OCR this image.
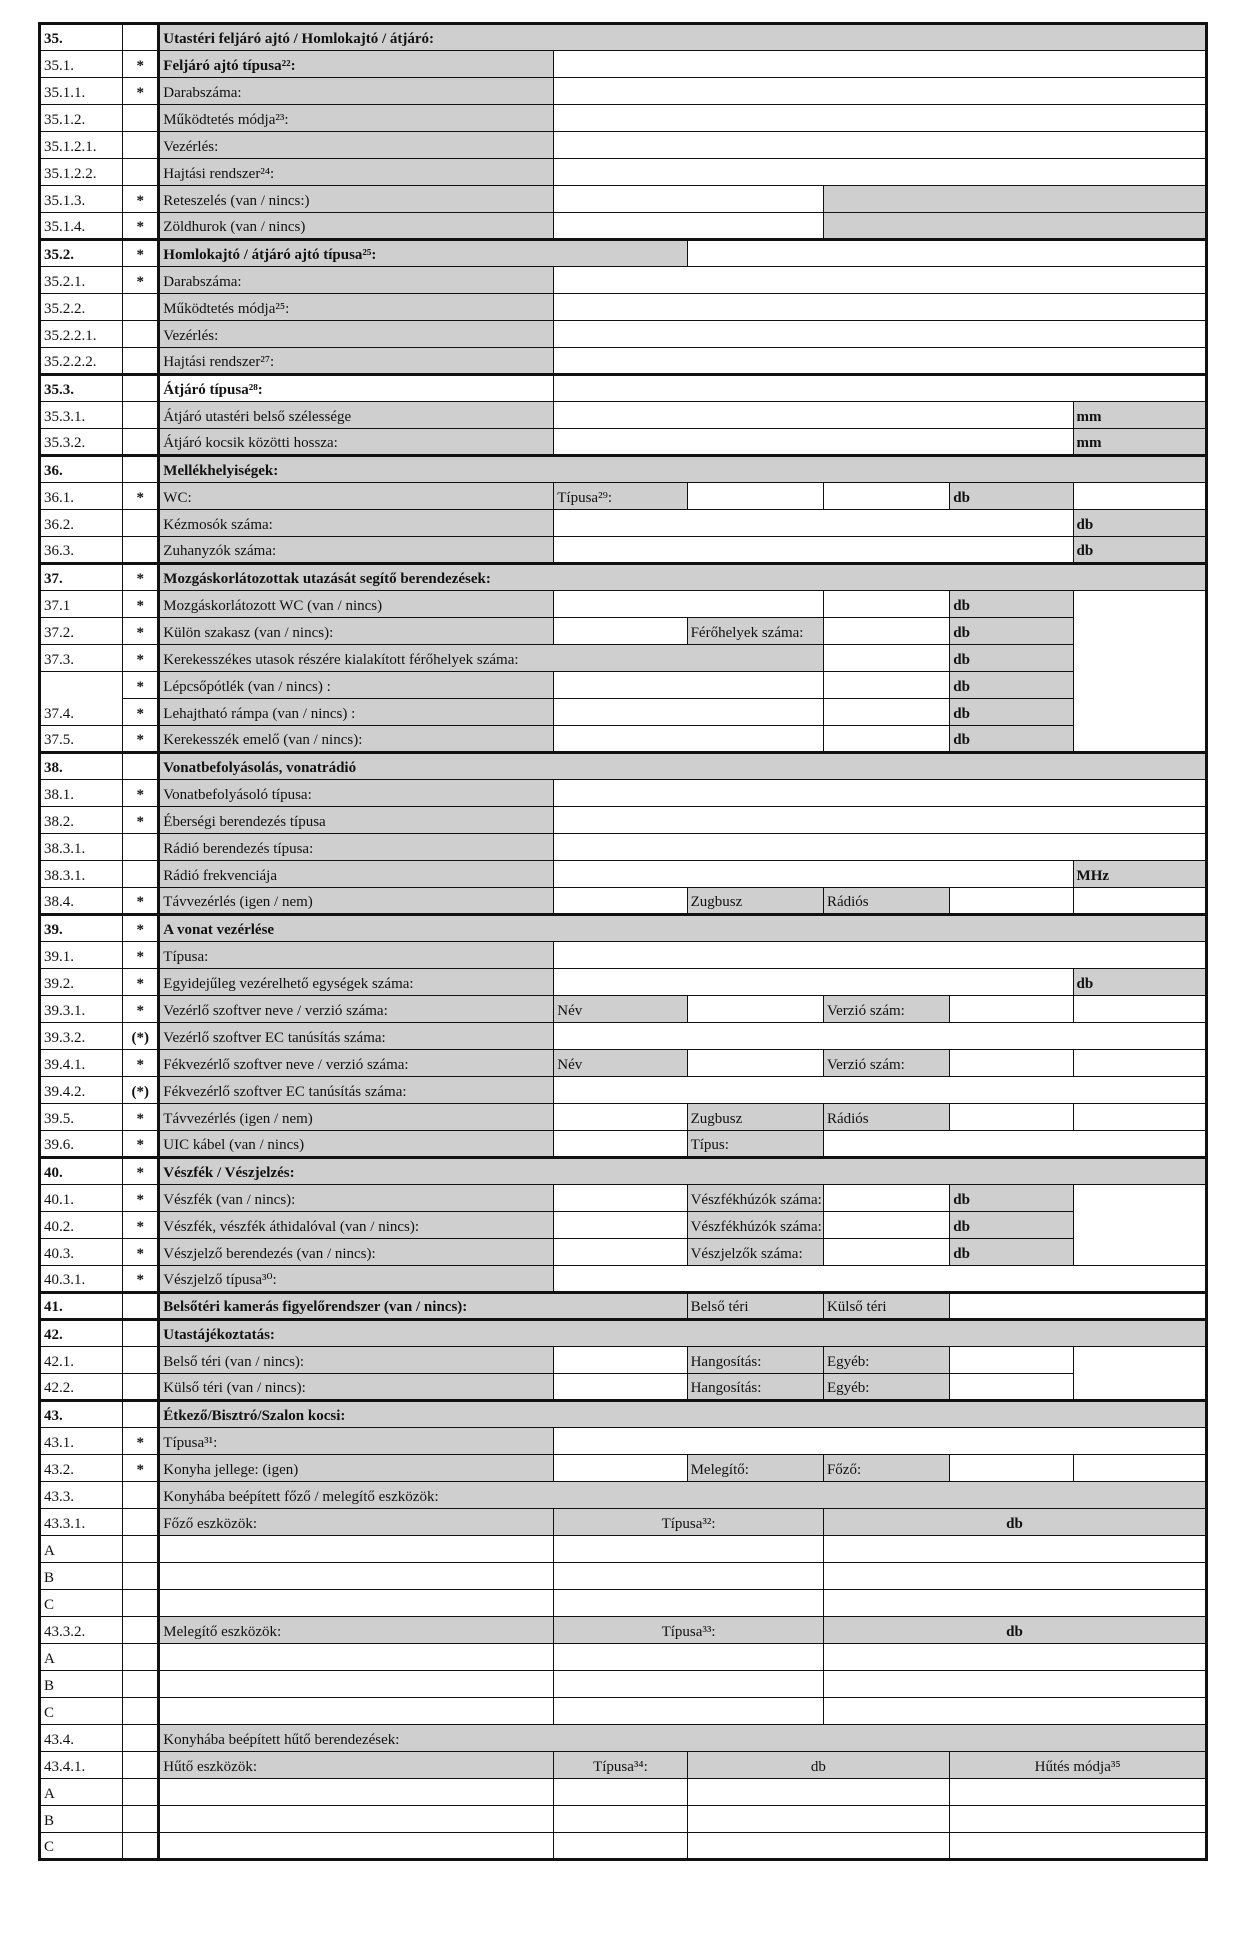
35.		Utastéri feljáró ajtó / Homlokajtó / átjáró:					
35.1.	*	Feljáró ajtó típusa²²:					
35.1.1.	*	Darabszáma:					
35.1.2.		Működtetés módja²³:					
35.1.2.1.		Vezérlés:					
35.1.2.2.		Hajtási rendszer²⁴:					
35.1.3.	*	Reteszelés (van / nincs:)					
35.1.4.	*	Zöldhurok (van / nincs)					
35.2.	*	Homlokajtó / átjáró ajtó típusa²⁵:					
35.2.1.	*	Darabszáma:					
35.2.2.		Működtetés módja²⁵:					
35.2.2.1.		Vezérlés:					
35.2.2.2.		Hajtási rendszer²⁷:					
35.3.		Átjáró típusa²⁸:					
35.3.1.		Átjáró utastéri belső szélessége					mm
35.3.2.		Átjáró kocsik közötti hossza:					mm
36.		Mellékhelyiségek:					
36.1.	*	WC:	Típusa²⁹:			db	
36.2.		Kézmosók száma:					db
36.3.		Zuhanyzók száma:					db
37.	*	Mozgáskorlátozottak utazását segítő berendezések:					
37.1	*	Mozgáskorlátozott WC (van / nincs)				db	
37.2.	*	Külön szakasz (van / nincs):		Férőhelyek száma:		db	
37.3.	*	Kerekesszékes utasok részére kialakított férőhelyek száma:				db	
37.4.	*	Lépcsőpótlék (van / nincs) :				db	
	*	Lehajtható rámpa (van / nincs) :				db	
37.5.	*	Kerekesszék emelő (van / nincs):				db	
38.		Vonatbefolyásolás, vonatrádió					
38.1.	*	Vonatbefolyásoló típusa:					
38.2.	*	Éberségi berendezés típusa					
38.3.1.		Rádió berendezés típusa:					
38.3.1.		Rádió frekvenciája					MHz
38.4.	*	Távvezérlés (igen / nem)			Zugbusz		Rádiós		
39.	*	A vonat vezérlése					
39.1.	*	Típusa:					
39.2.	*	Egyidejűleg vezérelhető egységek száma:					db
39.3.1.	*	Vezérlő szoftver neve / verzió száma:	Név		Verzió szám:		
39.3.2.	(*)	Vezérlő szoftver EC tanúsítás száma:					
39.4.1.	*	Fékvezérlő szoftver neve / verzió száma:	Név		Verzió szám:		
39.4.2.	(*)	Fékvezérlő szoftver EC tanúsítás száma:					
39.5.	*	Távvezérlés (igen / nem)			Zugbusz		Rádiós		
39.6.	*	UIC kábel (van / nincs)		Típus:			
40.	*	Vészfék / Vészjelzés:					
40.1.	*	Vészfék (van / nincs):		Vészfékhúzók száma:		db	
40.2.	*	Vészfék, vészfék áthidalóval (van / nincs):		Vészfékhúzók száma:		db	
40.3.	*	Vészjelző berendezés (van / nincs):		Vészjelzők száma:		db	
40.3.1.	*	Vészjelző típusa³⁰:					
41.		Belsőtéri kamerás figyelőrendszer (van / nincs):		Belső téri		Külső téri		
42.		Utastájékoztatás:					
42.1.		Belső téri (van / nincs):			Hangosítás:		Egyéb:		
42.2.		Külső téri (van / nincs):			Hangosítás:		Egyéb:		
43.		Étkező/Bisztró/Szalon kocsi:					
43.1.	*	Típusa³¹:					
43.2.	*	Konyha jellege: (igen)			Melegítő:		Főző:		
43.3.		Konyhába beépített főző / melegítő eszközök:					
43.3.1.		Főző eszközök:	Típusa³²:		db		
A							
B							
C							
43.3.2.		Melegítő eszközök:	Típusa³³:		db		
A							
B							
C							
43.4.		Konyhába beépített hűtő berendezések:					
43.4.1.		Hűtő eszközök:	Típusa³⁴:	db		Hűtés módja³⁵	
A							
B							
C							
